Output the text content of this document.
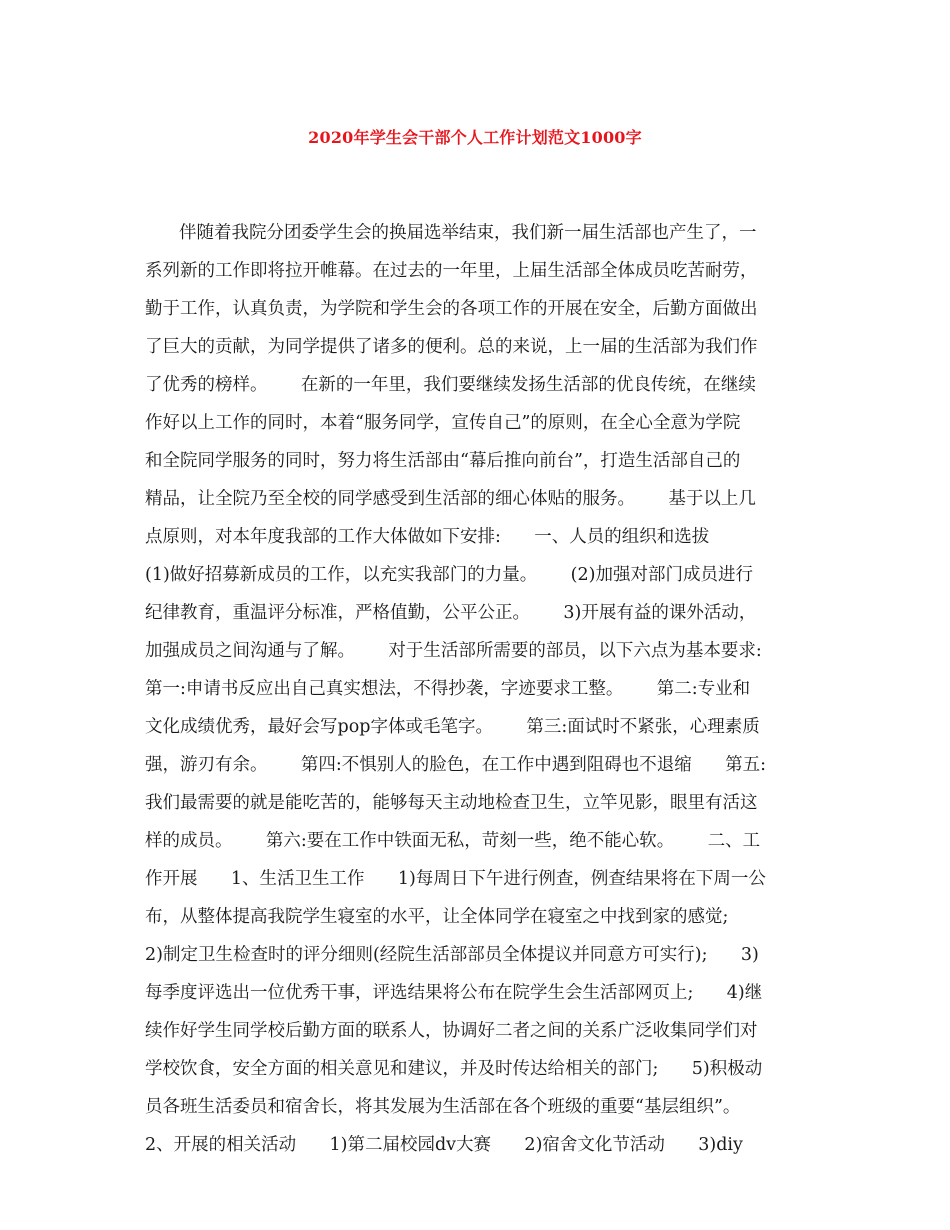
2020年学生会干部个人工作计划范文1000字
伴随着我院分团委学生会的换届选举结束，我们新一届生活部也产生了，一
系列新的工作即将拉开帷幕。在过去的一年里，上届生活部全体成员吃苦耐劳，
勤于工作，认真负责，为学院和学生会的各项工作的开展在安全，后勤方面做出
了巨大的贡献，为同学提供了诸多的便利。总的来说，上一届的生活部为我们作
了优秀的榜样。      在新的一年里，我们要继续发扬生活部的优良传统，在继续
作好以上工作的同时，本着“服务同学，宣传自己”的原则，在全心全意为学院
和全院同学服务的同时，努力将生活部由“幕后推向前台”，打造生活部自己的
精品，让全院乃至全校的同学感受到生活部的细心体贴的服务。      基于以上几
点原则，对本年度我部的工作大体做如下安排:      一、人员的组织和选拔
(1)做好招募新成员的工作，以充实我部门的力量。      (2)加强对部门成员进行
纪律教育，重温评分标准，严格值勤，公平公正。      3)开展有益的课外活动，
加强成员之间沟通与了解。      对于生活部所需要的部员，以下六点为基本要求:
第一:申请书反应出自己真实想法，不得抄袭，字迹要求工整。      第二:专业和
文化成绩优秀，最好会写pop字体或毛笔字。      第三:面试时不紧张，心理素质
强，游刃有余。      第四:不惧别人的脸色，在工作中遇到阻碍也不退缩      第五:
我们最需要的就是能吃苦的，能够每天主动地检查卫生，立竿见影，眼里有活这
样的成员。      第六:要在工作中铁面无私，苛刻一些，绝不能心软。      二、工
作开展      1、生活卫生工作      1)每周日下午进行例查，例查结果将在下周一公
布，从整体提高我院学生寝室的水平，让全体同学在寝室之中找到家的感觉;
2)制定卫生检查时的评分细则(经院生活部部员全体提议并同意方可实行);      3)
每季度评选出一位优秀干事，评选结果将公布在院学生会生活部网页上;      4)继
续作好学生同学校后勤方面的联系人，协调好二者之间的关系广泛收集同学们对
学校饮食，安全方面的相关意见和建议，并及时传达给相关的部门;      5)积极动
员各班生活委员和宿舍长，将其发展为生活部在各个班级的重要“基层组织”。
2、开展的相关活动      1)第二届校园dv大赛      2)宿舍文化节活动      3)diy
